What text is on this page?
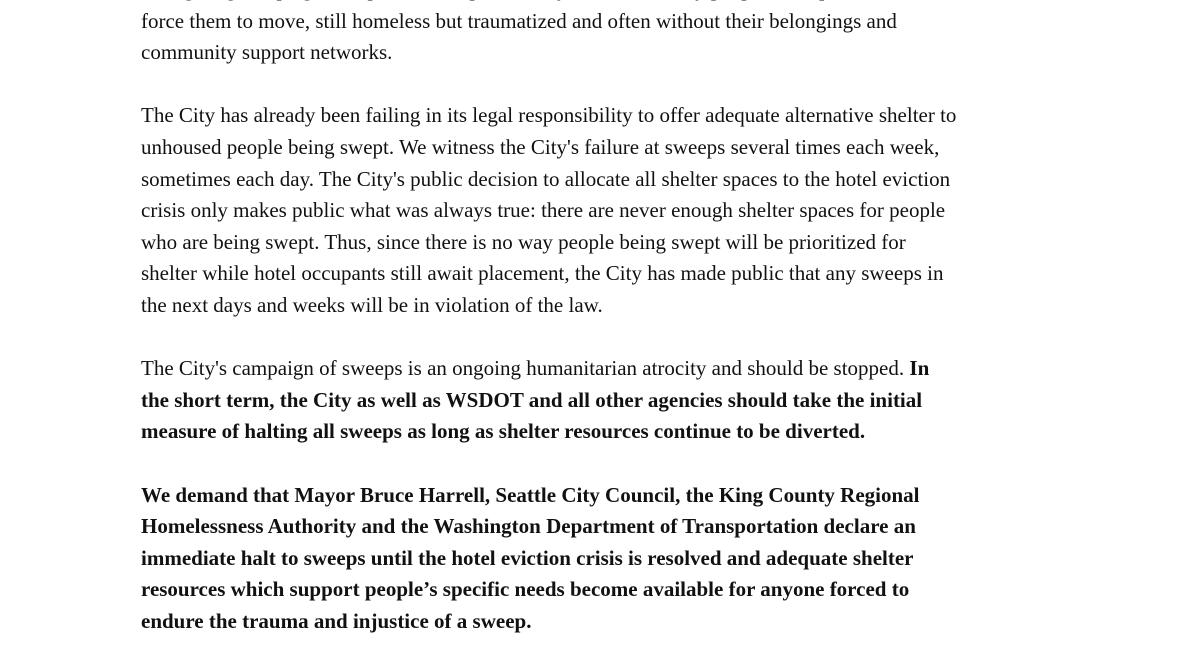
force them to move, still homeless but traumatized and often without their belongings and
community support networks.

The City has already been failing in its legal responsibility to offer adequate alternative shelter to
unhoused people being swept. We witness the City's failure at sweeps several times each week,
sometimes each day. The City's public decision to allocate all shelter spaces to the hotel eviction
crisis only makes public what was always true: there are never enough shelter spaces for people
who are being swept. Thus, since there is no way people being swept will be prioritized for
shelter while hotel occupants still await placement, the City has made public that any sweeps in
the next days and weeks will be in violation of the law.

The City's campaign of sweeps is an ongoing humanitarian atrocity and should be stopped. In
the short term, the City as well as WSDOT and all other agencies should take the initial
measure of halting all sweeps as long as shelter resources continue to be diverted.

We demand that Mayor Bruce Harrell, Seattle City Council, the King County Regional
Homelessness Authority and the Washington Department of Transportation declare an
immediate halt to sweeps until the hotel eviction crisis is resolved and adequate shelter
resources which support people’s specific needs become available for anyone forced to
endure the trauma and injustice of a sweep.
